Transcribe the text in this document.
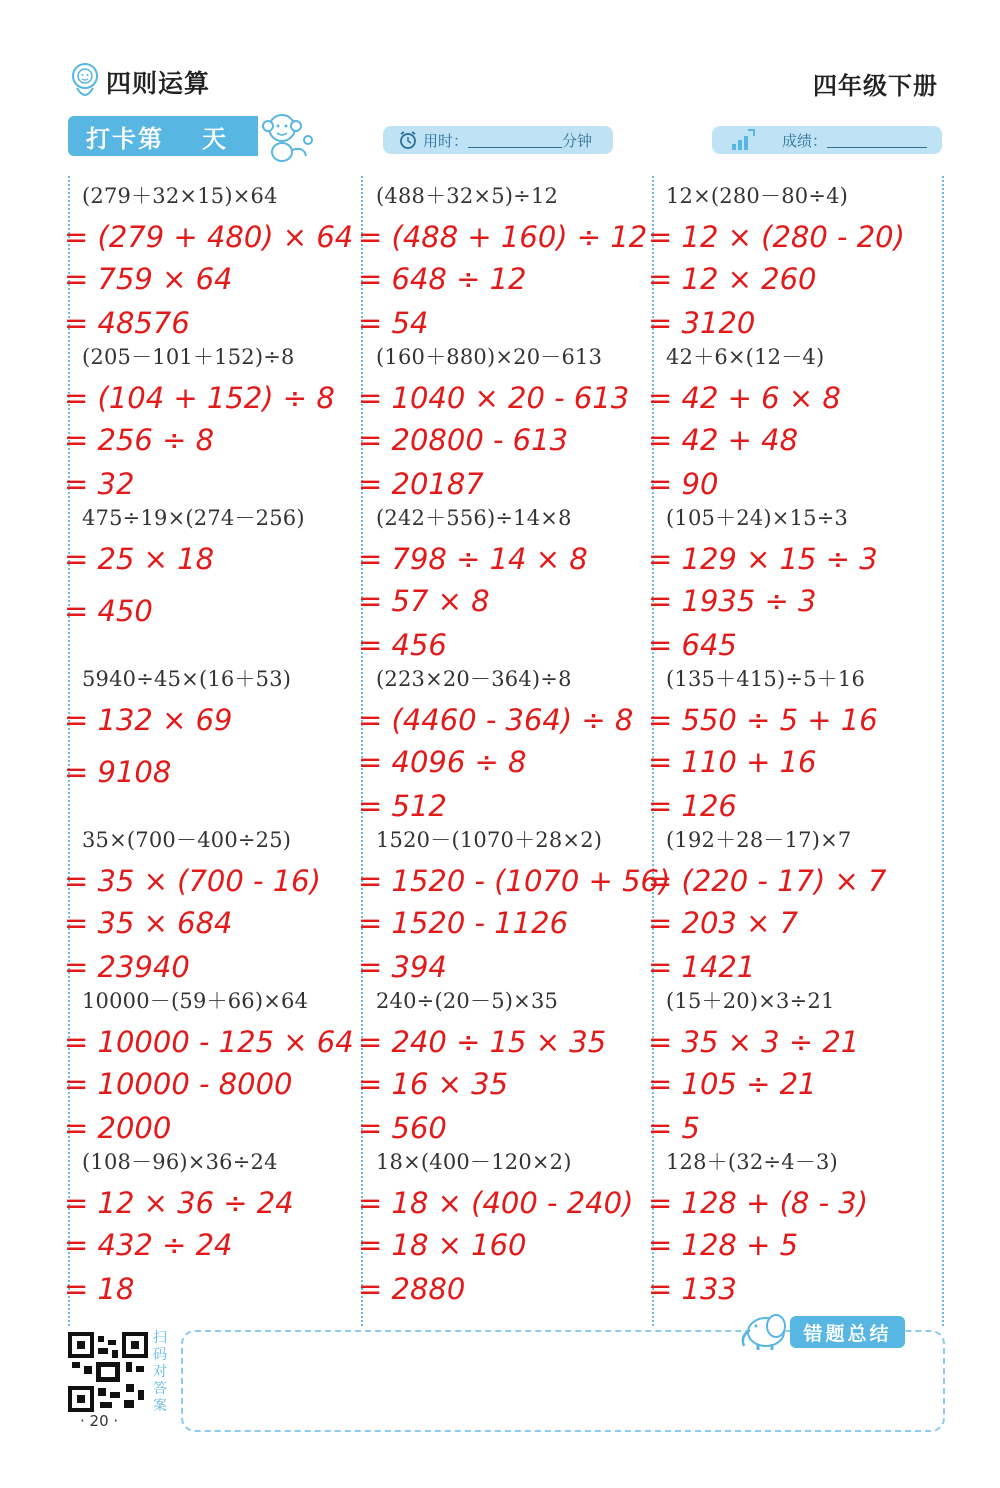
四则运算	四年级下册
打卡第 天	用时：	分钟	成绩：
(279＋32×15)×64
= (279 + 480) × 64
= 759 × 64
= 48576
(205－101＋152)÷8
= (104 + 152) ÷ 8
= 256 ÷ 8
= 32
475÷19×(274－256)
= 25 × 18
= 450
5940÷45×(16＋53)
= 132 × 69
= 9108
35×(700－400÷25)
= 35 × (700 - 16)
= 35 × 684
= 23940
10000－(59＋66)×64
= 10000 - 125 × 64
= 10000 - 8000
= 2000
(108－96)×36÷24
= 12 × 36 ÷ 24
= 432 ÷ 24
= 18
(488＋32×5)÷12
= (488 + 160) ÷ 12
= 648 ÷ 12
= 54
(160＋880)×20－613
= 1040 × 20 - 613
= 20800 - 613
= 20187
(242＋556)÷14×8
= 798 ÷ 14 × 8
= 57 × 8
= 456
(223×20－364)÷8
= (4460 - 364) ÷ 8
= 4096 ÷ 8
= 512
1520－(1070＋28×2)
= 1520 - (1070 + 56)
= 1520 - 1126
= 394
240÷(20－5)×35
= 240 ÷ 15 × 35
= 16 × 35
= 560
18×(400－120×2)
= 18 × (400 - 240)
= 18 × 160
= 2880
12×(280－80÷4)
= 12 × (280 - 20)
= 12 × 260
= 3120
42＋6×(12－4)
= 42 + 6 × 8
= 42 + 48
= 90
(105＋24)×15÷3
= 129 × 15 ÷ 3
= 1935 ÷ 3
= 645
(135＋415)÷5＋16
= 550 ÷ 5 + 16
= 110 + 16
= 126
(192＋28－17)×7
= (220 - 17) × 7
= 203 × 7
= 1421
(15＋20)×3÷21
= 35 × 3 ÷ 21
= 105 ÷ 21
= 5
128＋(32÷4－3)
= 128 + (8 - 3)
= 128 + 5
= 133
扫码对答案
· 20 ·
错题总结
